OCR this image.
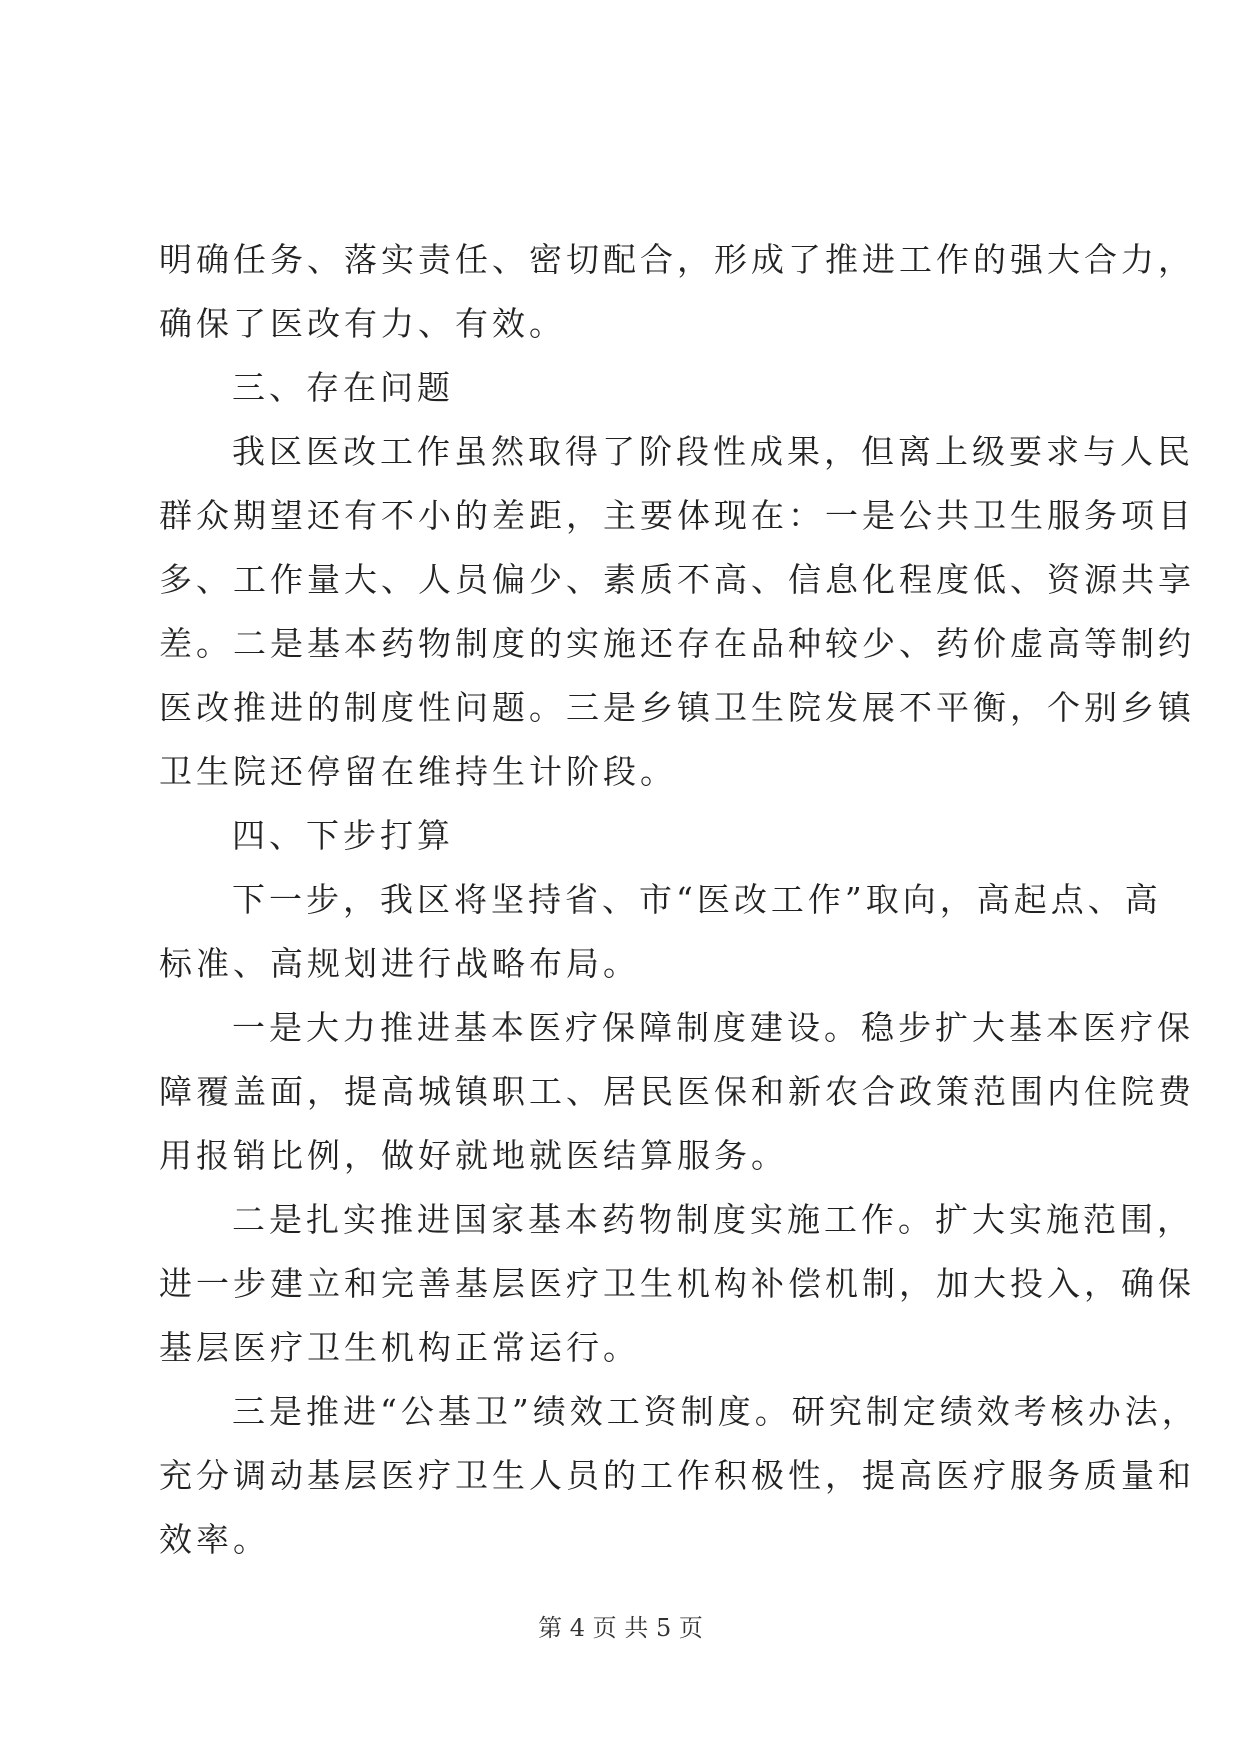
明确任务、落实责任、密切配合，形成了推进工作的强大合力，
确保了医改有力、有效。

三、存在问题

我区医改工作虽然取得了阶段性成果，但离上级要求与人民
群众期望还有不小的差距，主要体现在：一是公共卫生服务项目
多、工作量大、人员偏少、素质不高、信息化程度低、资源共享
差。二是基本药物制度的实施还存在品种较少、药价虚高等制约
医改推进的制度性问题。三是乡镇卫生院发展不平衡，个别乡镇
卫生院还停留在维持生计阶段。

四、下步打算

下一步，我区将坚持省、市“医改工作”取向，高起点、高
标准、高规划进行战略布局。

一是大力推进基本医疗保障制度建设。稳步扩大基本医疗保
障覆盖面，提高城镇职工、居民医保和新农合政策范围内住院费
用报销比例，做好就地就医结算服务。

二是扎实推进国家基本药物制度实施工作。扩大实施范围，
进一步建立和完善基层医疗卫生机构补偿机制，加大投入，确保
基层医疗卫生机构正常运行。

三是推进“公基卫”绩效工资制度。研究制定绩效考核办法，
充分调动基层医疗卫生人员的工作积极性，提高医疗服务质量和
效率。

第 4 页 共 5 页
